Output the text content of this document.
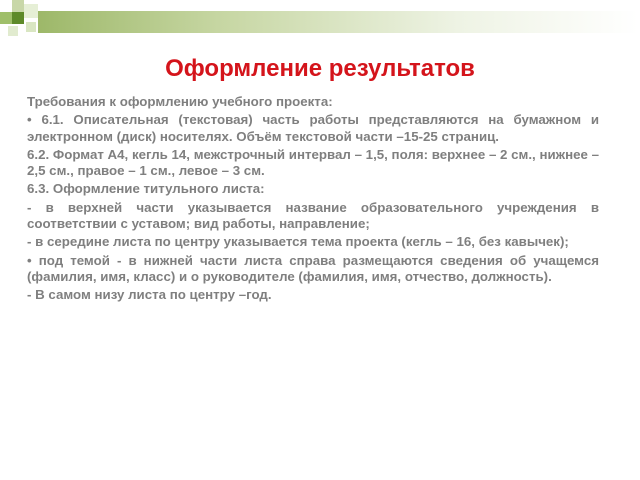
Оформление результатов

Требования к оформлению учебного проекта:

• 6.1. Описательная (текстовая) часть работы представляются на бумажном и электронном (диск) носителях. Объём текстовой части –15-25 страниц.

6.2. Формат А4, кегль 14, межстрочный интервал – 1,5, поля: верхнее – 2 см., нижнее – 2,5 см., правое – 1 см., левое – 3 см.

6.3. Оформление титульного листа:

- в верхней части указывается название образовательного учреждения в соответствии с уставом; вид работы, направление;

- в середине листа по центру указывается тема проекта (кегль – 16, без кавычек);

• под темой - в нижней части листа справа размещаются сведения об учащемся (фамилия, имя, класс) и о руководителе (фамилия, имя, отчество, должность).

- В самом низу листа по центру –год.
